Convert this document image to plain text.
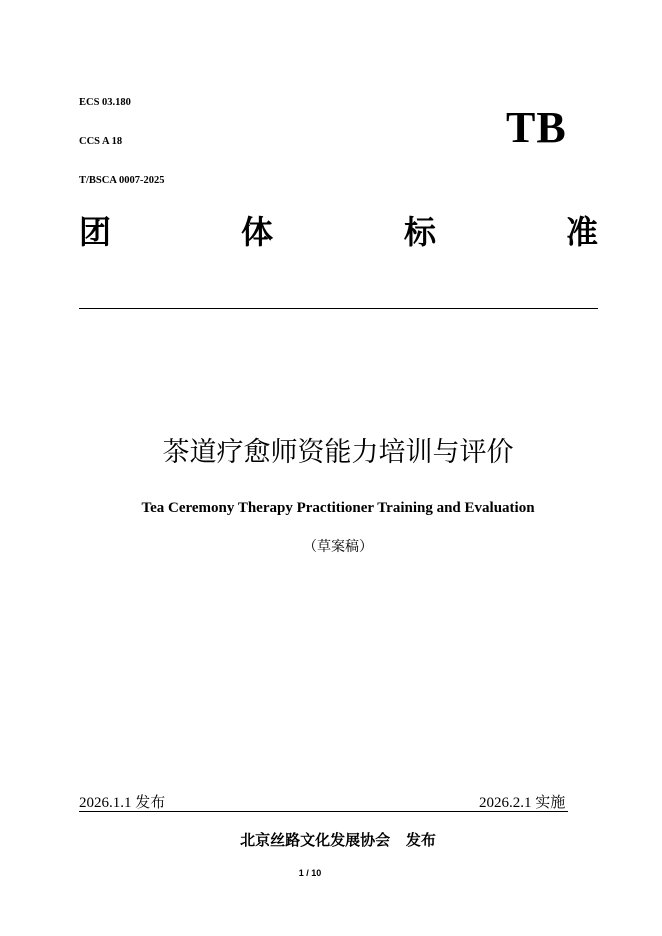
ECS 03.180
CCS A 18
T/BSCA 0007-2025
TB
团	体	标	准
茶道疗愈师资能力培训与评价
Tea Ceremony Therapy Practitioner Training and Evaluation
（草案稿）
2026.1.1 发布	2026.2.1 实施
北京丝路文化发展协会   发布
1 / 10
